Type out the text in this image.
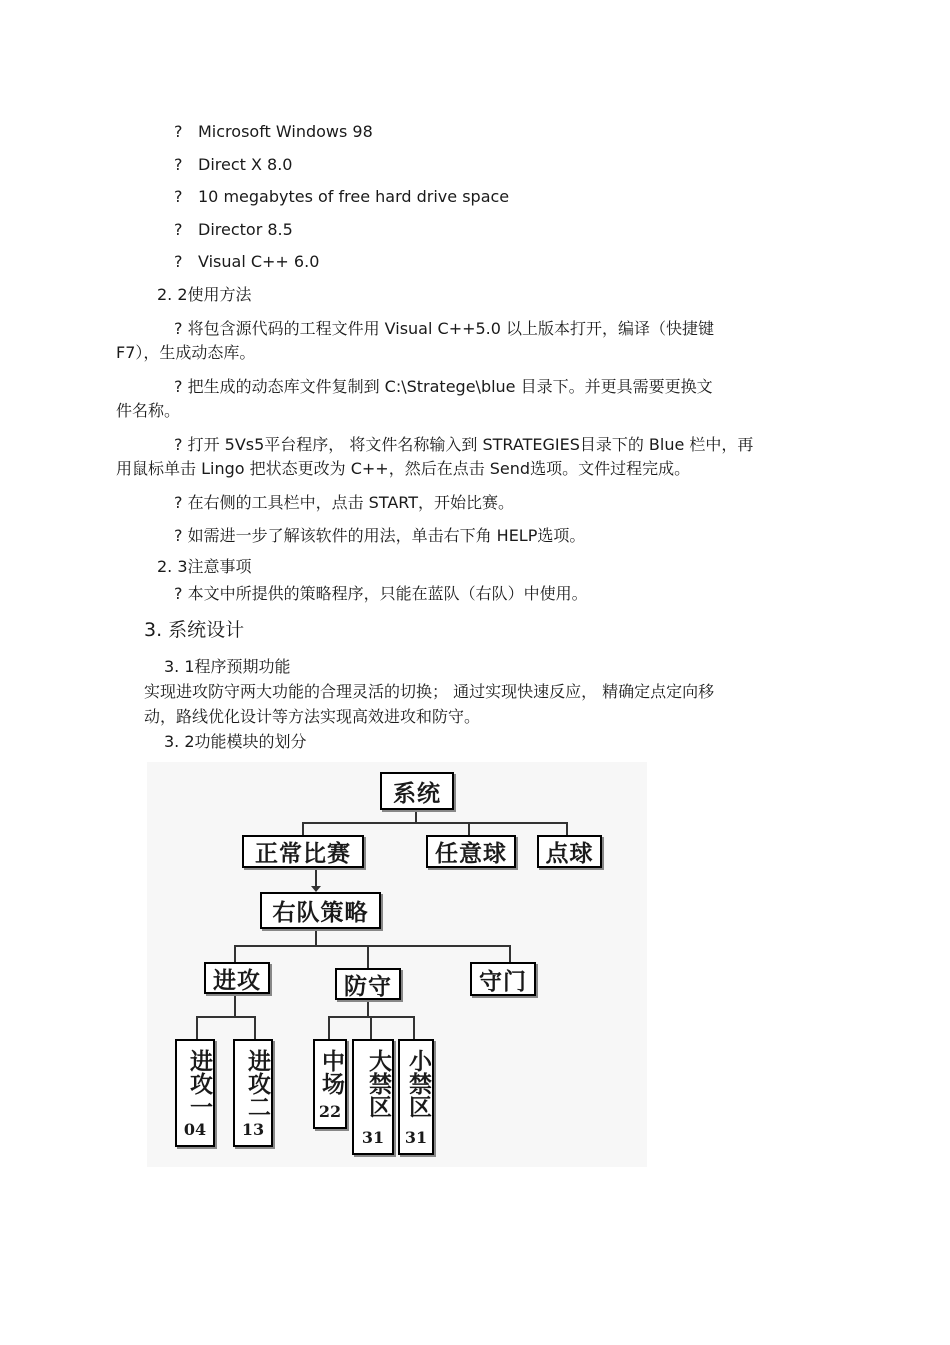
? Microsoft Windows 98
? Direct X 8.0
? 10 megabytes of free hard drive space
? Director 8.5
? Visual C++ 6.0
2. 2使用方法
? 将包含源代码的工程文件用 Visual C++5.0 以上版本打开，编译（快捷键
F7），生成动态库。
? 把生成的动态库文件复制到 C:\Stratege\blue 目录下。并更具需要更换文
件名称。
? 打开 5Vs5平台程序， 将文件名称输入到 STRATEGIES目录下的 Blue 栏中，再
用鼠标单击 Lingo 把状态更改为 C++，然后在点击 Send选项。文件过程完成。
? 在右侧的工具栏中，点击 START，开始比赛。
? 如需进一步了解该软件的用法，单击右下角 HELP选项。
2. 3注意事项
? 本文中所提供的策略程序，只能在蓝队（右队）中使用。
3. 系统设计
3. 1程序预期功能
实现进攻防守两大功能的合理灵活的切换； 通过实现快速反应， 精确定点定向移
动，路线优化设计等方法实现高效进攻和防守。
3. 2功能模块的划分
系统
正常比赛	任意球	点球
右队策略
进攻	防守	守门
进攻一
04
进攻二
13
中场
22	大禁区
31
小禁区
31
